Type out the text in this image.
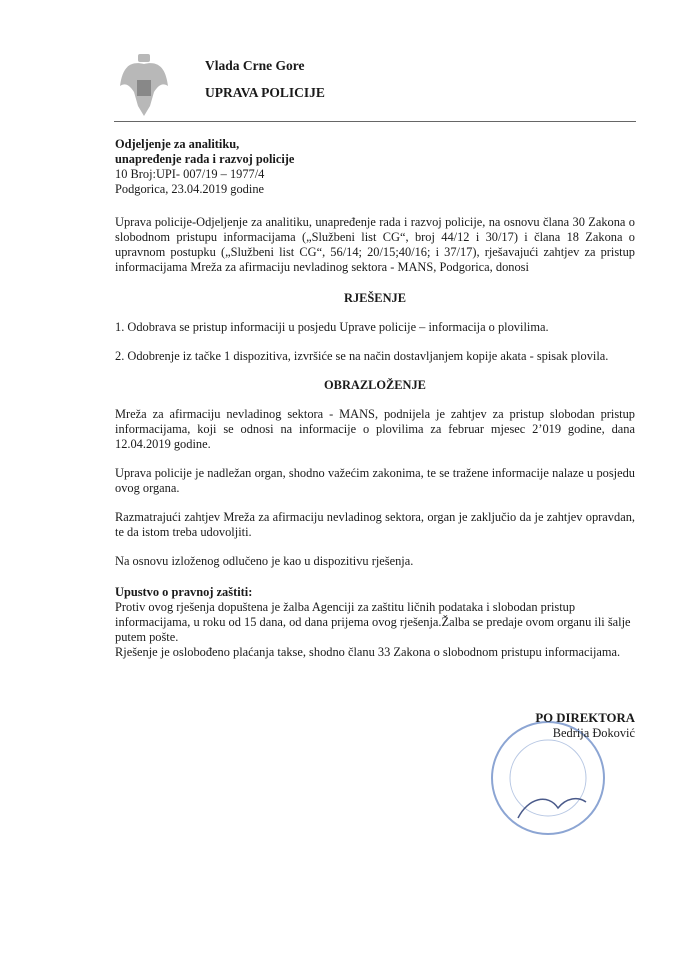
Vlada Crne Gore
UPRAVA POLICIJE
Odjeljenje za analitiku,
unapređenje rada i razvoj policije
10 Broj:UPI- 007/19 – 1977/4
Podgorica, 23.04.2019 godine

Uprava policije-Odjeljenje za analitiku, unapređenje rada i razvoj policije, na osnovu člana 30 Zakona o slobodnom pristupu informacijama („Službeni list CG“, broj 44/12 i 30/17) i člana 18 Zakona o upravnom postupku („Službeni list CG“, 56/14; 20/15;40/16; i 37/17), rješavajući zahtjev za pristup informacijama Mreža za afirmaciju nevladinog sektora - MANS, Podgorica, donosi

RJEŠENJE

1. Odobrava se pristup informaciji u posjedu Uprave policije – informacija o plovilima.

2. Odobrenje iz tačke 1 dispozitiva, izvršiće se na način dostavljanjem kopije akata - spisak plovila.

OBRAZLOŽENJE

Mreža za afirmaciju nevladinog sektora - MANS, podnijela je zahtjev za pristup slobodan pristup informacijama, koji se odnosi na informacije o plovilima za februar mjesec 2’019 godine, dana 12.04.2019 godine.

Uprava policije je nadležan organ, shodno važećim zakonima, te se tražene informacije nalaze u posjedu ovog organa.

Razmatrajući zahtjev Mreža za afirmaciju nevladinog sektora, organ je zaključio da je zahtjev opravdan, te da istom treba udovoljiti.

Na osnovu izloženog odlučeno je kao u dispozitivu rješenja.

Upustvo o pravnoj zaštiti:
Protiv ovog rješenja dopuštena je žalba Agenciji za zaštitu ličnih podataka i slobodan pristup informacijama, u roku od 15 dana, od dana prijema ovog rješenja.Žalba se predaje ovom organu ili šalje putem pošte.
Rješenje je oslobođeno plaćanja takse, shodno članu 33 Zakona o slobodnom pristupu informacijama.
PO DIREKTORA
Bedrija Đoković
